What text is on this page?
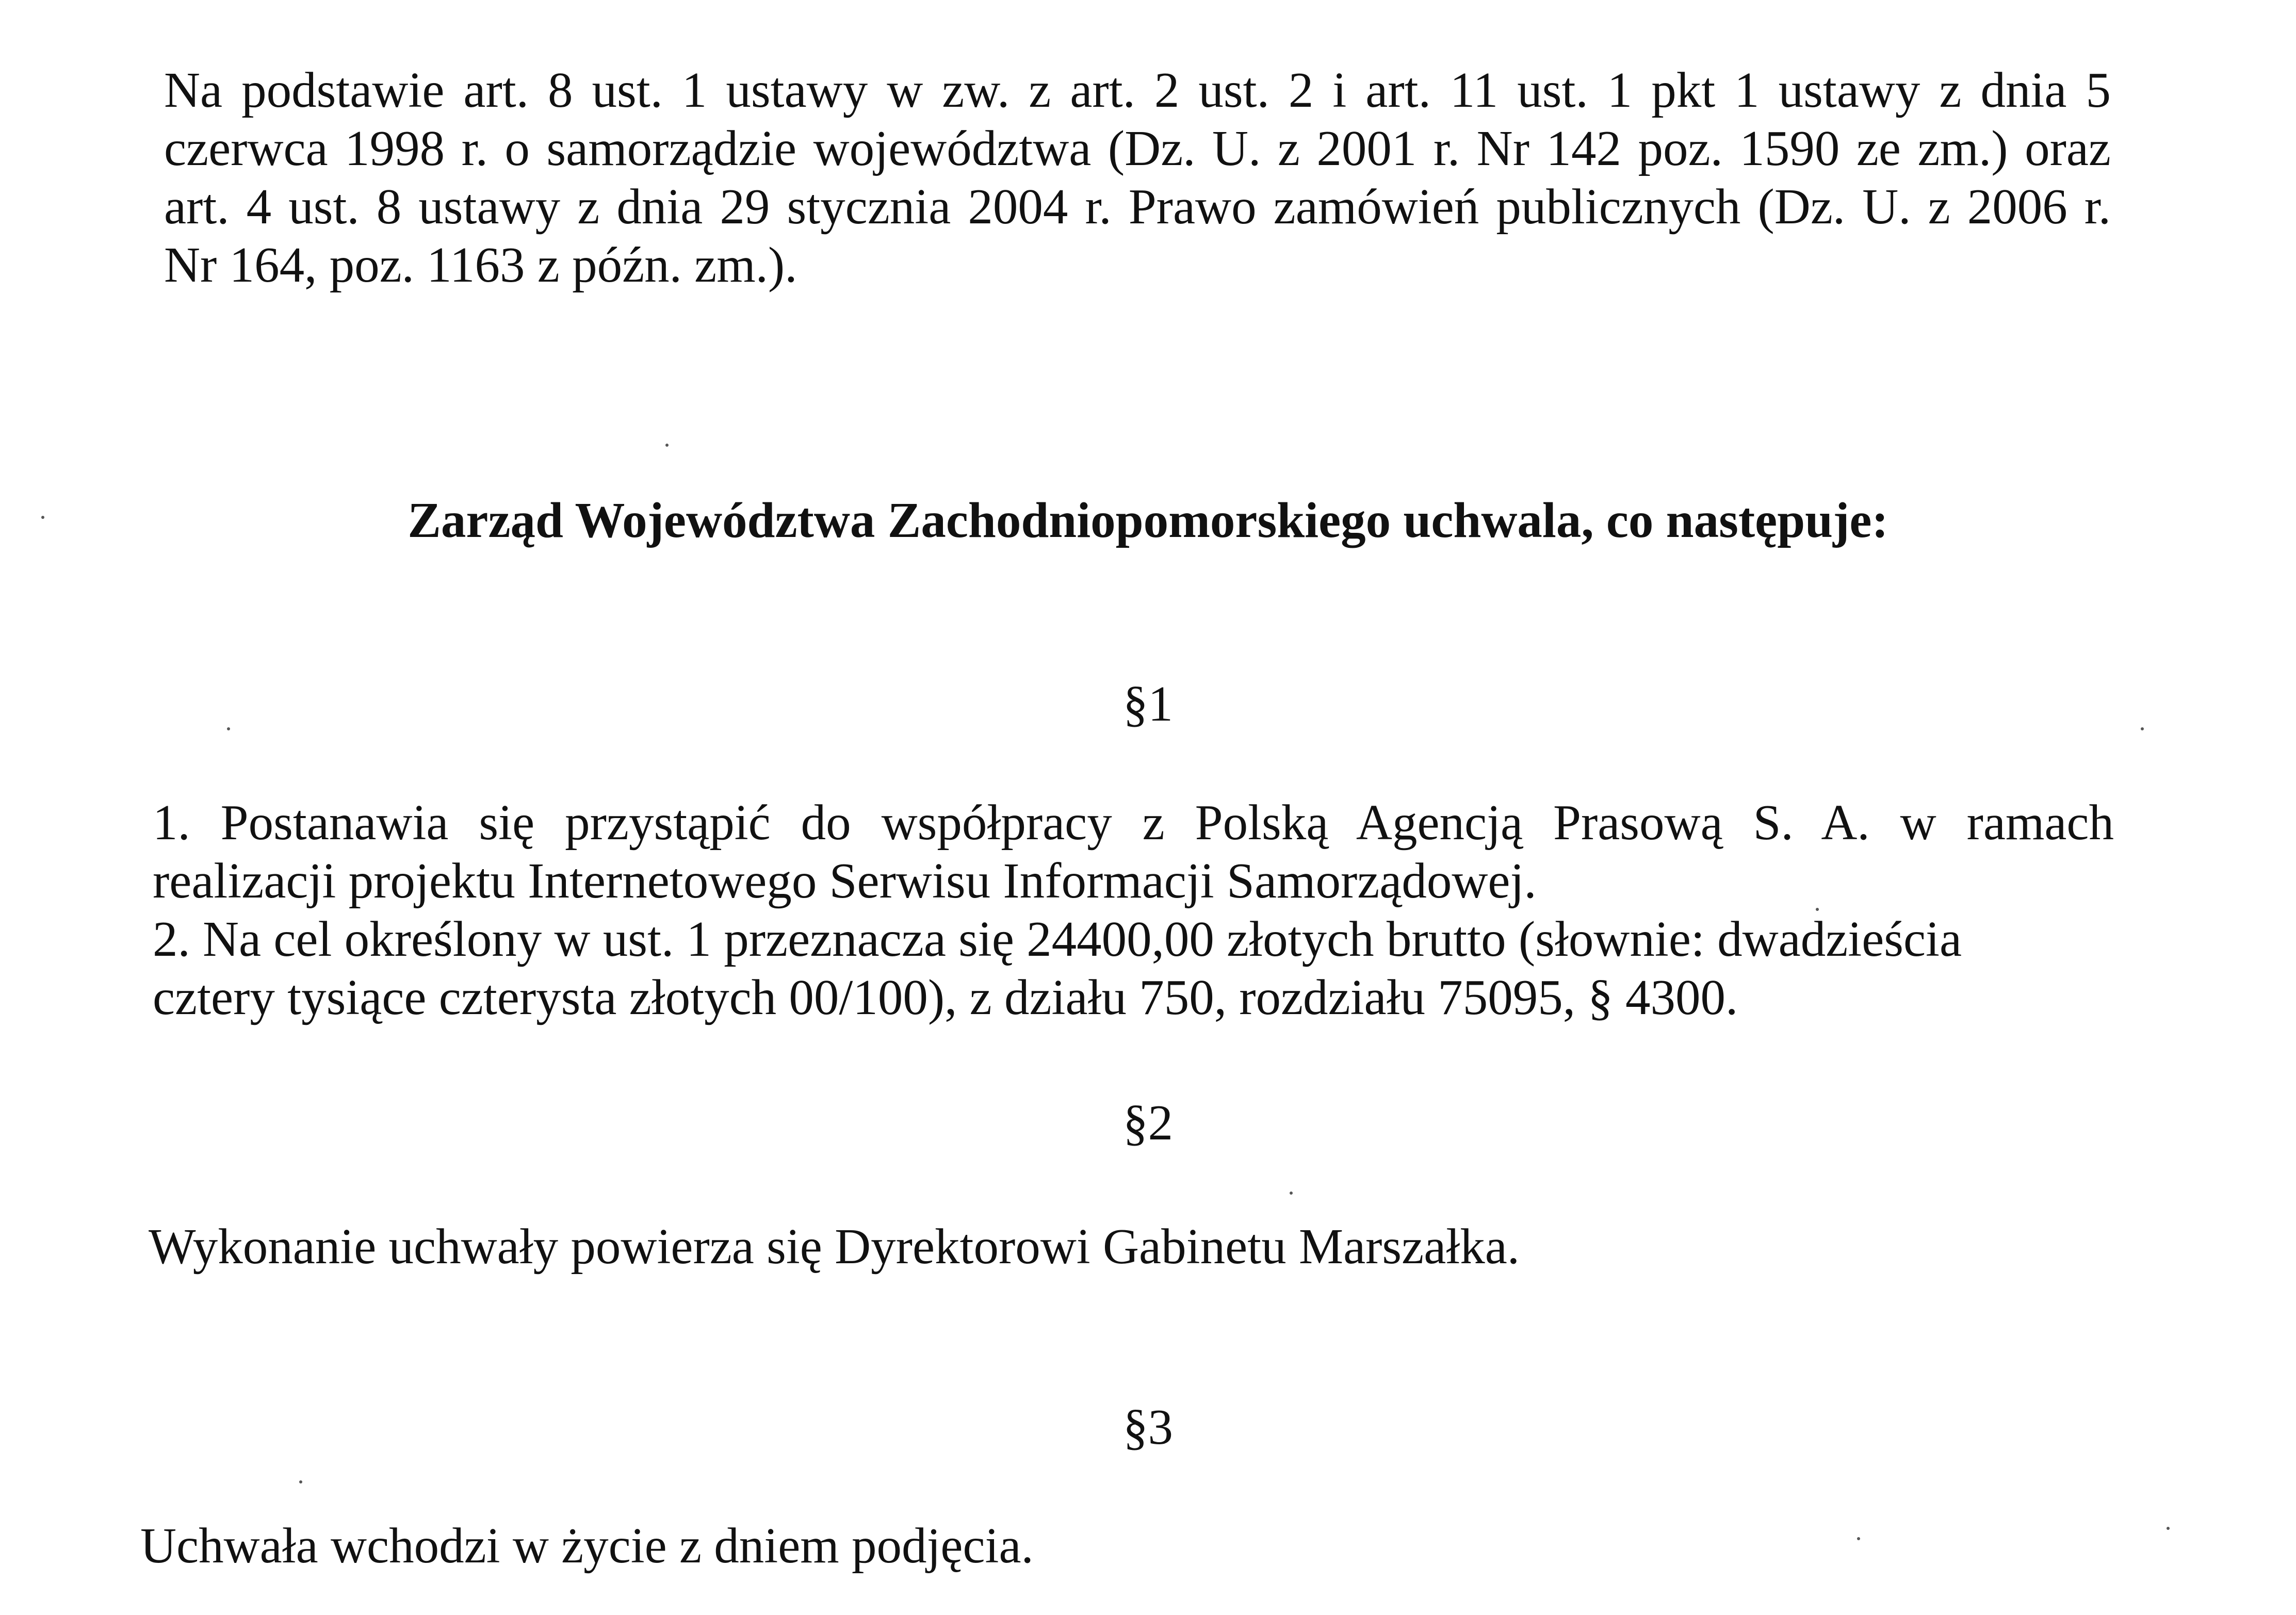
Na podstawie art. 8 ust. 1 ustawy w zw. z art. 2 ust. 2 i art. 11 ust. 1 pkt 1 ustawy z dnia 5
czerwca 1998 r. o samorządzie województwa (Dz. U. z 2001 r. Nr 142 poz. 1590 ze zm.) oraz
art. 4 ust. 8 ustawy z dnia 29 stycznia 2004 r. Prawo zamówień publicznych (Dz. U. z 2006 r.
Nr 164, poz. 1163 z późn. zm.).
Zarząd Województwa Zachodniopomorskiego uchwala, co następuje:
§1
1. Postanawia się przystąpić do współpracy z Polską Agencją Prasową S. A. w ramach
realizacji projektu Internetowego Serwisu Informacji Samorządowej.
2. Na cel określony w ust. 1 przeznacza się 24400,00 złotych brutto (słownie: dwadzieścia
cztery tysiące czterysta złotych 00/100), z działu 750, rozdziału 75095, § 4300.
§2
Wykonanie uchwały powierza się Dyrektorowi Gabinetu Marszałka.
§3
Uchwała wchodzi w życie z dniem podjęcia.
